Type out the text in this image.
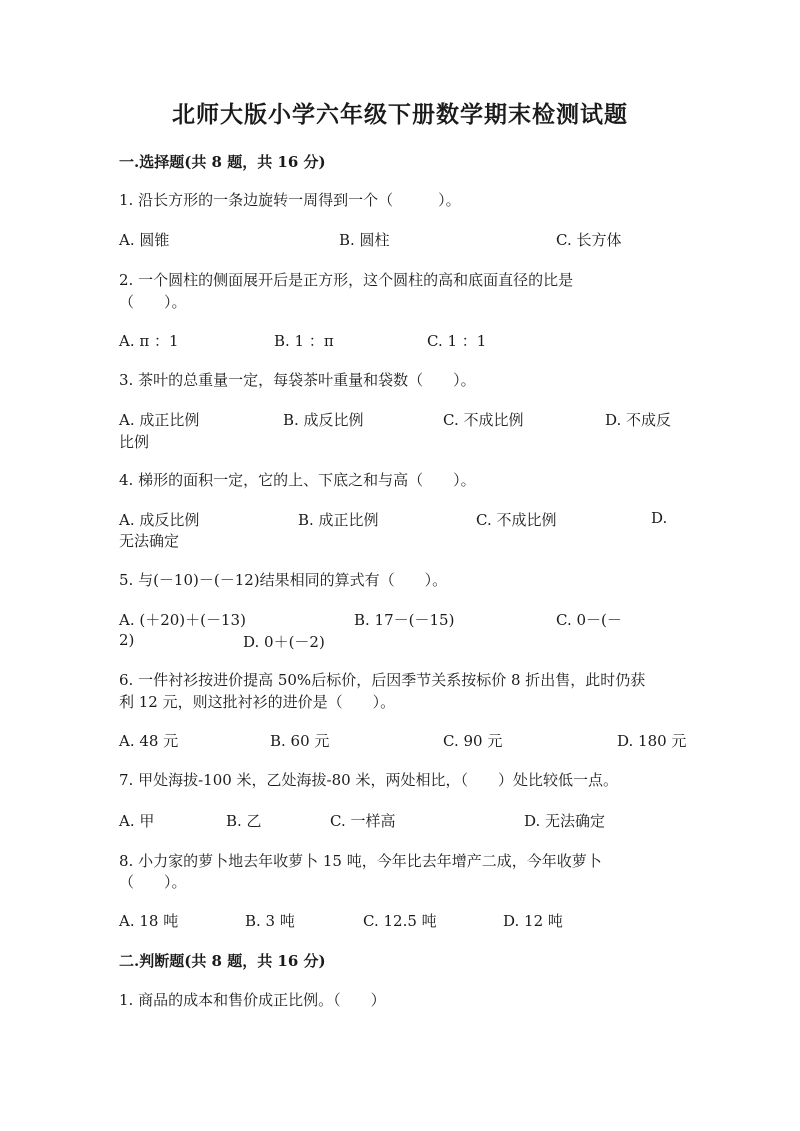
北师大版小学六年级下册数学期末检测试题
一.选择题(共 8 题，共 16 分)
1. 沿长方形的一条边旋转一周得到一个（　　　）。
A. 圆锥	B. 圆柱	C. 长方体
2. 一个圆柱的侧面展开后是正方形，这个圆柱的高和底面直径的比是
（　　）。
A. π ：1	B. 1 ：π	C. 1 ：1
3. 茶叶的总重量一定，每袋茶叶重量和袋数（　　）。
A. 成正比例	B. 成反比例	C. 不成比例	D. 不成反
比例
4. 梯形的面积一定，它的上、下底之和与高（　　）。
A. 成反比例	B. 成正比例	C. 不成比例	D.
无法确定
5. 与(－10)－(－12)结果相同的算式有（　　）。
A. (＋20)＋(－13)	B. 17－(－15)	C. 0－(－
2)	D. 0＋(－2)
6. 一件衬衫按进价提高 50%后标价，后因季节关系按标价 8 折出售，此时仍获
利 12 元，则这批衬衫的进价是（　　）。
A. 48 元	B. 60 元	C. 90 元	D. 180 元
7. 甲处海拔-100 米，乙处海拔-80 米，两处相比，（　　）处比较低一点。
A. 甲	B. 乙	C. 一样高	D. 无法确定
8. 小力家的萝卜地去年收萝卜 15 吨，今年比去年增产二成，今年收萝卜
（　　）。
A. 18 吨	B. 3 吨	C. 12.5 吨	D. 12 吨
二.判断题(共 8 题，共 16 分)
1. 商品的成本和售价成正比例。（　　）
